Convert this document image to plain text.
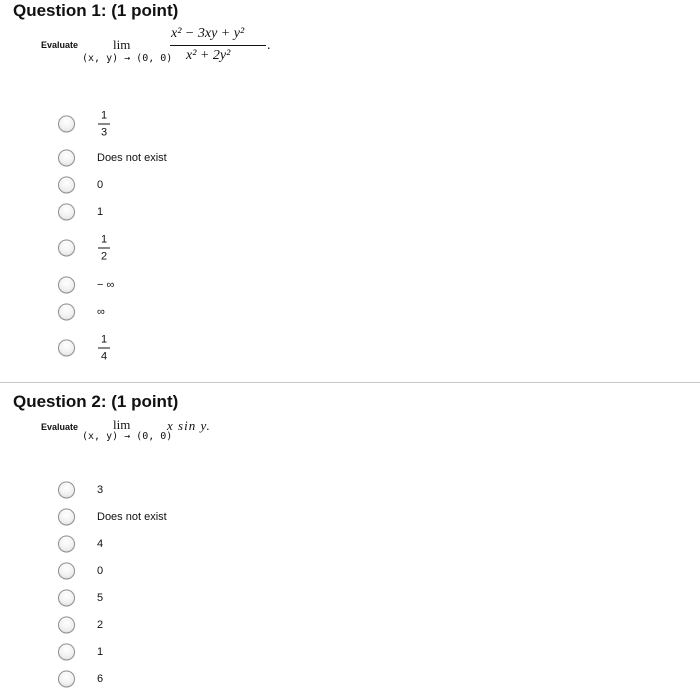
Question 1: (1 point)
Evaluate	lim
(x, y) → (0, 0)
x² − 3xy + y²
x² + 2y²
.
1
3
Does not exist
0
1
1
2
− ∞
∞
1
4
Question 2: (1 point)
Evaluate	lim
(x, y) → (0, 0)
x sin y.
3
Does not exist
4
0
5
2
1
6
